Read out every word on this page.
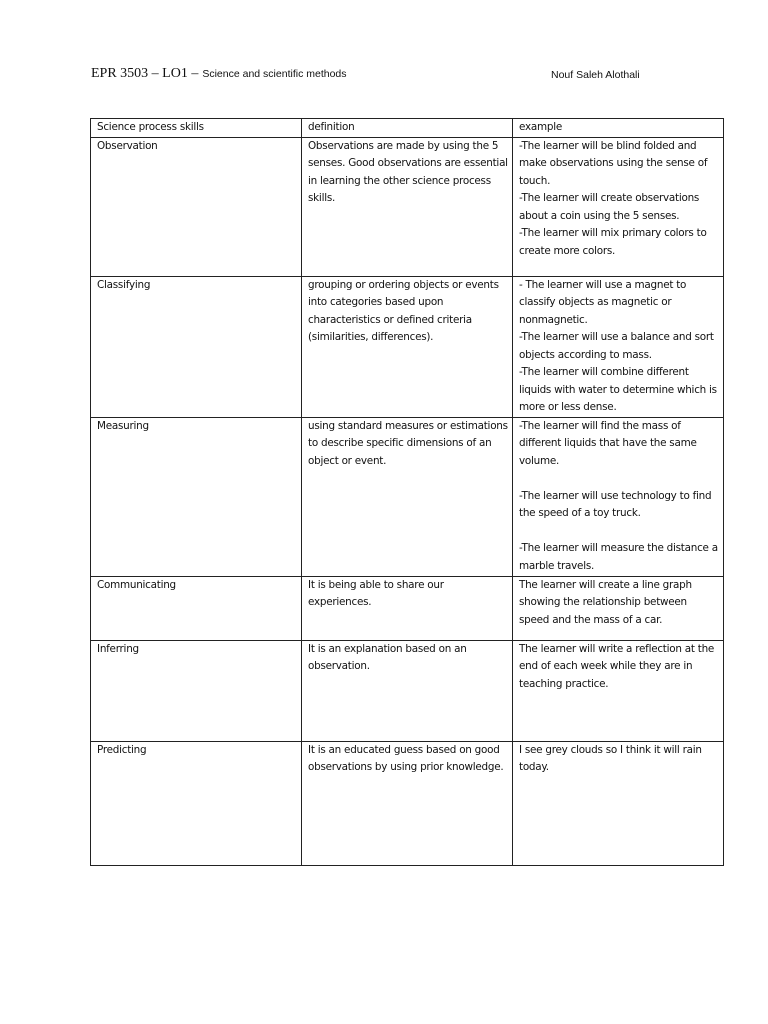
EPR 3503 – LO1 – Science and scientific methods	Nouf Saleh Alothali
Science process skills	definition	example

Observation	Observations are made by using the 5 senses. Good observations are essential in learning the other science process skills.	-The learner will be blind folded and make observations using the sense of touch.
-The learner will create observations about a coin using the 5 senses.
-The learner will mix primary colors to create more colors.

Classifying	grouping or ordering objects or events into categories based upon characteristics or defined criteria (similarities, differences).	- The learner will use a magnet to classify objects as magnetic or nonmagnetic.
-The learner will use a balance and sort objects according to mass.
-The learner will combine different liquids with water to determine which is more or less dense.

Measuring	using standard measures or estimations to describe specific dimensions of an object or event.	-The learner will find the mass of different liquids that have the same volume.
-The learner will use technology to find the speed of a toy truck.
-The learner will measure the distance a marble travels.

Communicating	It is being able to share our experiences.	The learner will create a line graph showing the relationship between speed and the mass of a car.

Inferring	It is an explanation based on an observation.	The learner will write a reflection at the end of each week while they are in teaching practice.

Predicting	It is an educated guess based on good observations by using prior knowledge.	I see grey clouds so I think it will rain today.
